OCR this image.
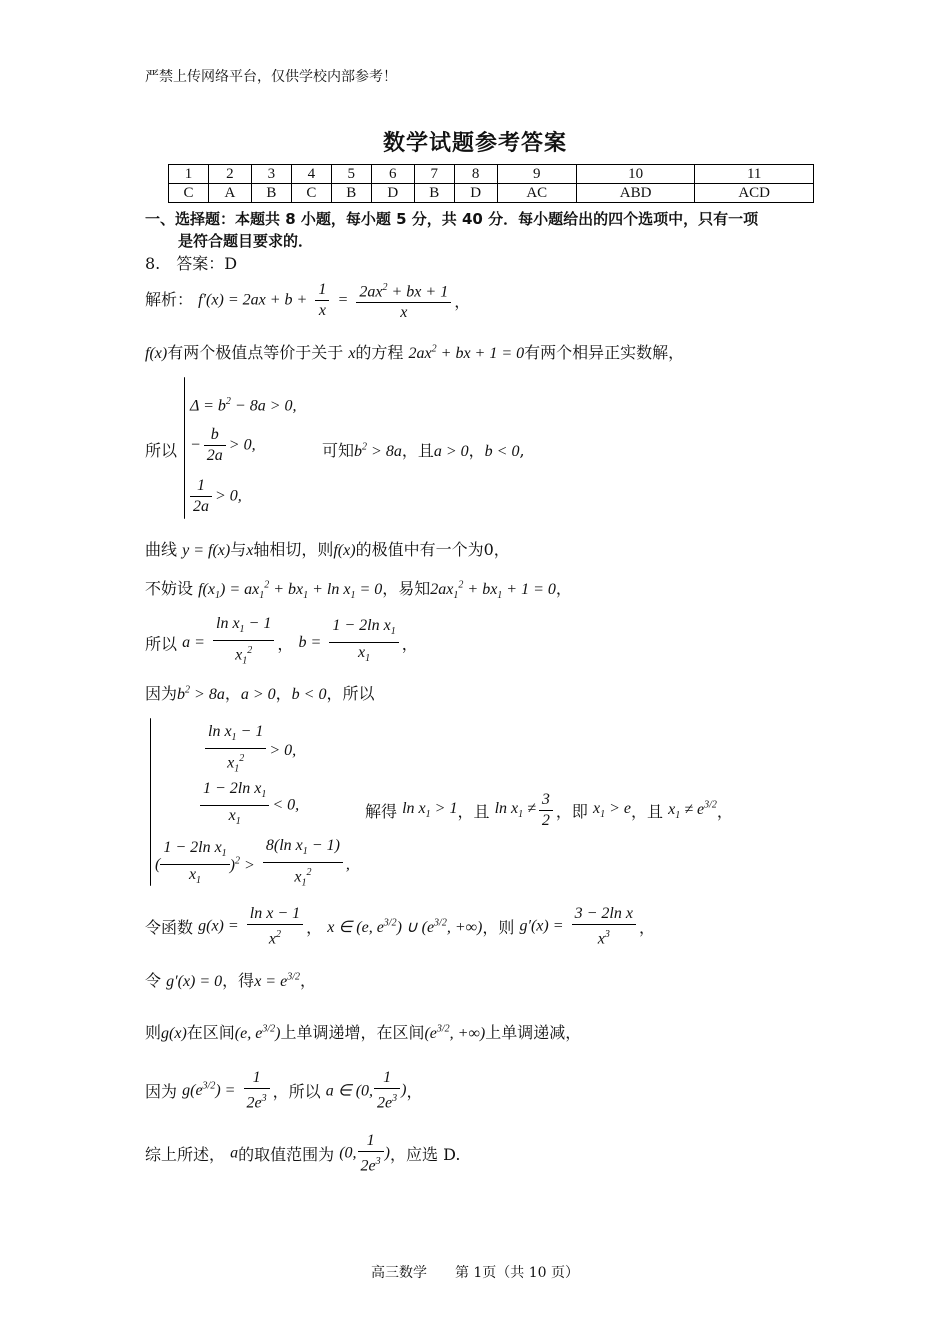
严禁上传网络平台，仅供学校内部参考！
数学试题参考答案
1	2	3	4	5	6	7	8	9	10	11
C	A	B	C	B	D	B	D	AC	ABD	ACD
一、选择题：本题共 8 小题，每小题 5 分，共 40 分．每小题给出的四个选项中，只有一项
是符合题目要求的．
8.　答案：D
解析： $f'(x) = 2ax + b + \frac{1}{x} = \frac{2ax^2 + bx + 1}{x}$ ，
f(x)有两个极值点等价于关于 x的方程 $2ax^2$ + bx + 1 = 0有两个相异正实数解，
所以
$\Delta = b^2 - 8a > 0$,
− $\frac{b}{2a} > 0$,
$\frac{1}{2a} > 0$,
可知$b^2 > 8a$，且a > 0，b < 0,
曲线 y = f(x)与x轴相切，则f(x)的极值中有一个为0，
不妨设 $f(x_1) = ax_1^2 + bx_1 + \ln x_1 = 0$，易知$2ax_1^2 + bx_1 + 1 = 0$，
所以 $a = \frac{\ln x_1 - 1}{x_1^2}$ ， $b = \frac{1 - 2\ln x_1}{x_1}$ ，
因为$b^2 > 8a$，a > 0，b < 0，所以
$\frac{\ln x_1 - 1}{x_1^2} > 0$,
$\frac{1 - 2\ln x_1}{x_1} < 0$,
( $\frac{1 - 2\ln x_1}{x_1} )^2 > \frac{8(\ln x_1 - 1)}{x_1^2}$ ,
解得 $\ln x_1 > 1$，且 $\ln x_1 \ne \frac{3}{2}$ ，即 $x_1 > e$，且 $x_1 \ne e^{3/2}$，
令函数 $g(x) = \frac{\text{ln x − 1}}{x^2}$ ， x ∈ (e, $e^{3/2}$) ∪ ($e^{3/2}$, +∞)，则 $g'(x) = \frac{\text{3 − 2ln x}}{x^3}$ ，
令 g′(x) = 0，得$x = e^{3/2}$，
则g(x)在区间(e, $e^{3/2}$)上单调递增，在区间($e^{3/2}$, +∞)上单调递减，
因为 $g(e^{3/2}) = \frac{1}{2e^3}$ ，所以 a ∈ (0, $\frac{1}{2e^3}$ )，
综上所述， a的取值范围为 (0, $\frac{1}{2e^3}$ )，应选 D.
高三数学　　第 1页（共 10 页）
